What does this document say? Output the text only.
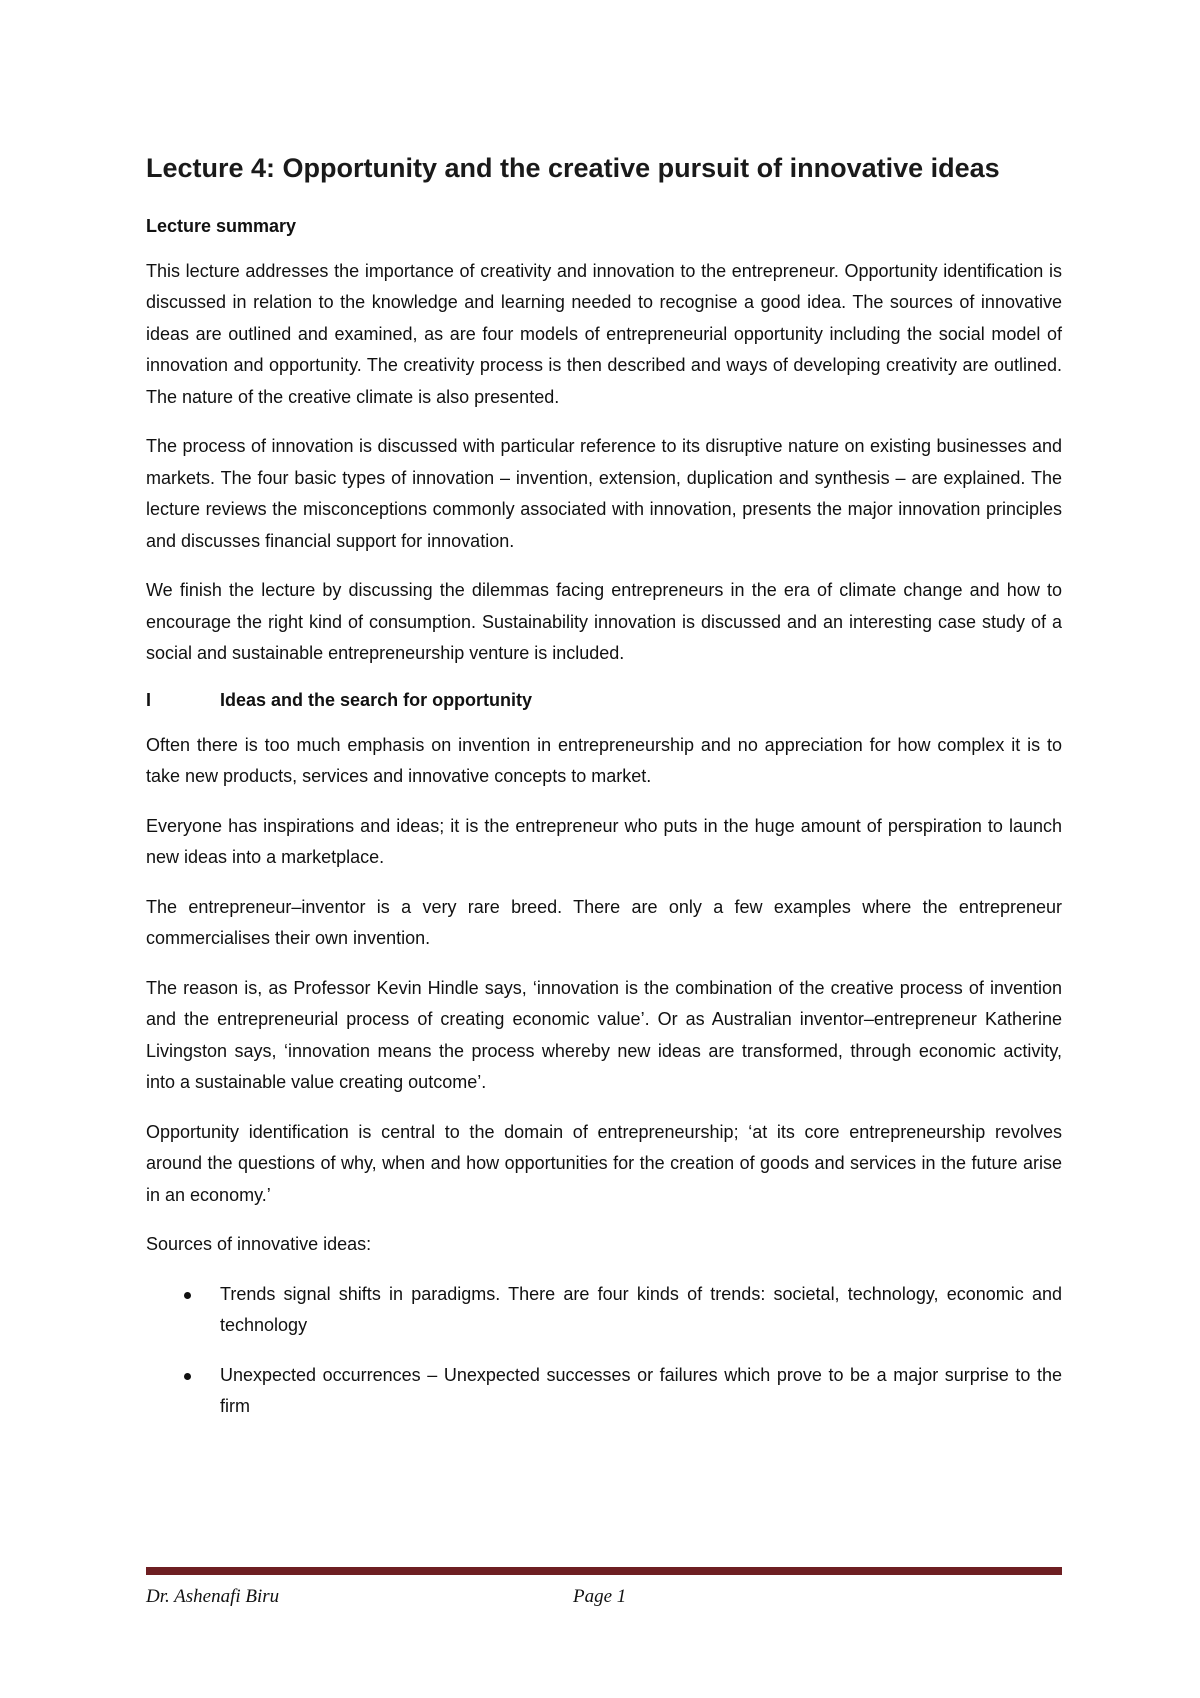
Lecture 4: Opportunity and the creative pursuit of innovative ideas
Lecture summary

This lecture addresses the importance of creativity and innovation to the entrepreneur. Opportunity identification is discussed in relation to the knowledge and learning needed to recognise a good idea. The sources of innovative ideas are outlined and examined, as are four models of entrepreneurial opportunity including the social model of innovation and opportunity. The creativity process is then described and ways of developing creativity are outlined. The nature of the creative climate is also presented.

The process of innovation is discussed with particular reference to its disruptive nature on existing businesses and markets. The four basic types of innovation – invention, extension, duplication and synthesis – are explained. The lecture reviews the misconceptions commonly associated with innovation, presents the major innovation principles and discusses financial support for innovation.

We finish the lecture by discussing the dilemmas facing entrepreneurs in the era of climate change and how to encourage the right kind of consumption. Sustainability innovation is discussed and an interesting case study of a social and sustainable entrepreneurship venture is included.

I	Ideas and the search for opportunity

Often there is too much emphasis on invention in entrepreneurship and no appreciation for how complex it is to take new products, services and innovative concepts to market.

Everyone has inspirations and ideas; it is the entrepreneur who puts in the huge amount of perspiration to launch new ideas into a marketplace.

The entrepreneur–inventor is a very rare breed. There are only a few examples where the entrepreneur commercialises their own invention.

The reason is, as Professor Kevin Hindle says, ‘innovation is the combination of the creative process of invention and the entrepreneurial process of creating economic value’. Or as Australian inventor–entrepreneur Katherine Livingston says, ‘innovation means the process whereby new ideas are transformed, through economic activity, into a sustainable value creating outcome’.

Opportunity identification is central to the domain of entrepreneurship; ‘at its core entrepreneurship revolves around the questions of why, when and how opportunities for the creation of goods and services in the future arise in an economy.’

Sources of innovative ideas:

Trends signal shifts in paradigms. There are four kinds of trends: societal, technology, economic and technology
Unexpected occurrences – Unexpected successes or failures which prove to be a major surprise to the firm
Dr. Ashenafi Biru	Page 1
